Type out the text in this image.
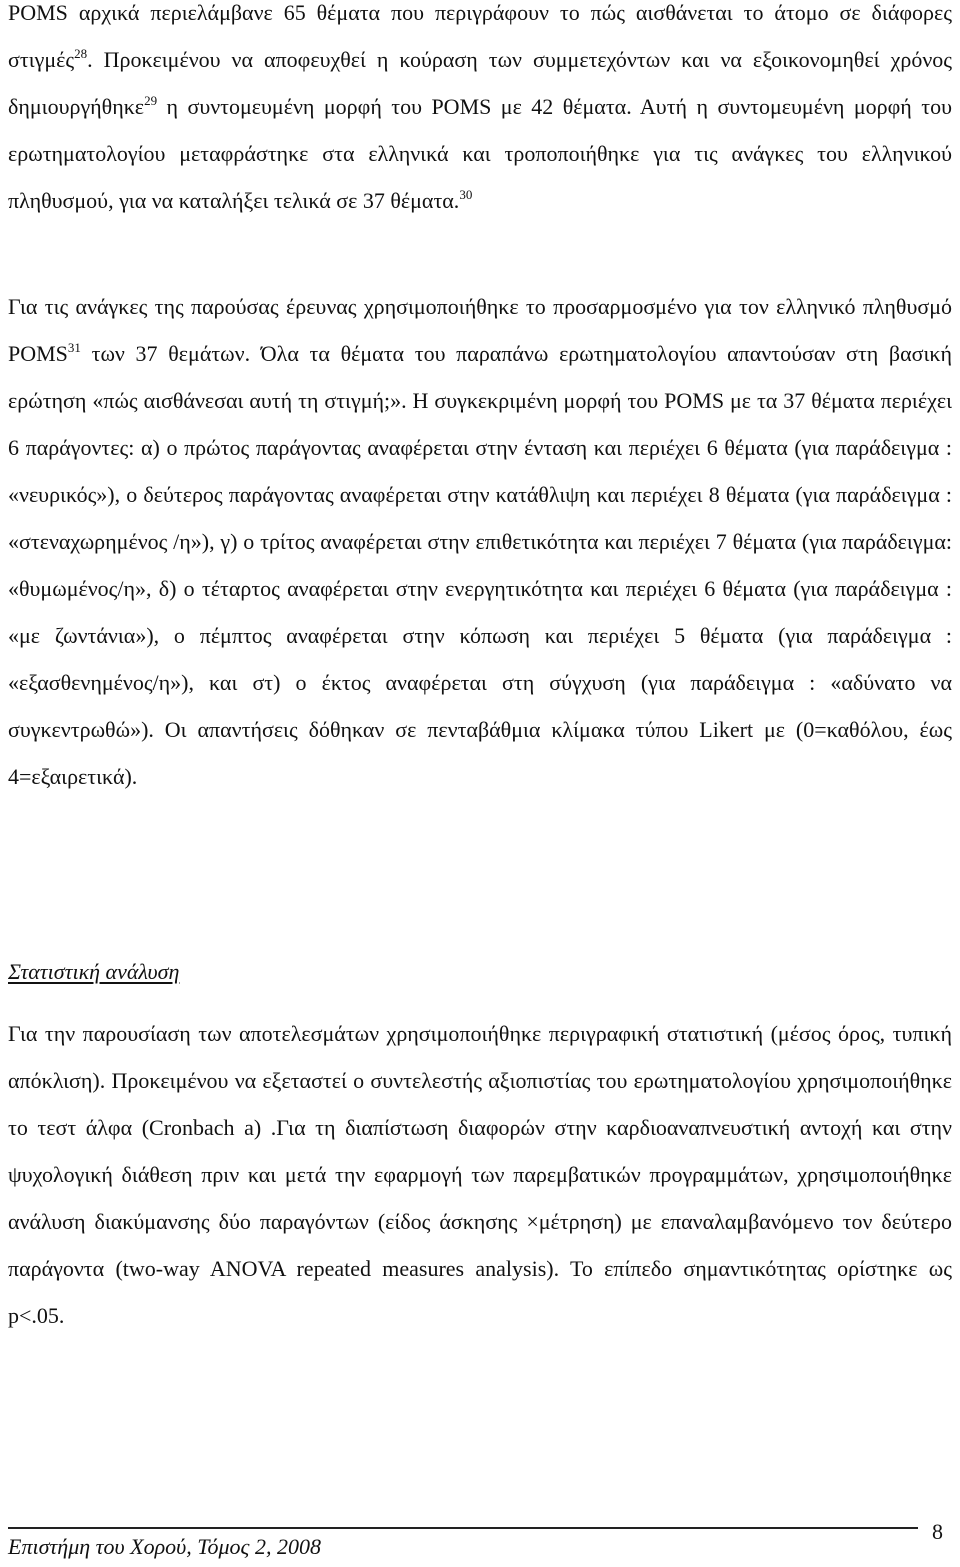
POMS αρχικά περιελάμβανε 65 θέματα που περιγράφουν το πώς αισθάνεται το άτομο σε διάφορες στιγμές$^{28}$. Προκειμένου να αποφευχθεί η κούραση των συμμετεχόντων και να εξοικονομηθεί χρόνος δημιουργήθηκε$^{29}$ η συντομευμένη μορφή του POMS με 42 θέματα. Αυτή η συντομευμένη μορφή του ερωτηματολογίου μεταφράστηκε στα ελληνικά και τροποποιήθηκε για τις ανάγκες του ελληνικού πληθυσμού, για να καταλήξει τελικά σε 37 θέματα.$^{30}$

Για τις ανάγκες της παρούσας έρευνας χρησιμοποιήθηκε το προσαρμοσμένο για τον ελληνικό πληθυσμό POMS$^{31}$ των 37 θεμάτων. Όλα τα θέματα του παραπάνω ερωτηματολογίου απαντούσαν στη βασική ερώτηση «πώς αισθάνεσαι αυτή τη στιγμή;». Η συγκεκριμένη μορφή του POMS με τα 37 θέματα περιέχει 6 παράγοντες: α) ο πρώτος παράγοντας αναφέρεται στην ένταση και περιέχει 6 θέματα (για παράδειγμα : «νευρικός»), ο δεύτερος παράγοντας αναφέρεται στην κατάθλιψη και περιέχει 8 θέματα (για παράδειγμα : «στεναχωρημένος /η»), γ) ο τρίτος αναφέρεται στην επιθετικότητα και περιέχει 7 θέματα (για παράδειγμα: «θυμωμένος/η», δ) ο τέταρτος αναφέρεται στην ενεργητικότητα και περιέχει 6 θέματα (για παράδειγμα : «με ζωντάνια»), ο πέμπτος αναφέρεται στην κόπωση και περιέχει 5 θέματα (για παράδειγμα : «εξασθενημένος/η»), και στ) ο έκτος αναφέρεται στη σύγχυση (για παράδειγμα : «αδύνατο να συγκεντρωθώ»). Οι απαντήσεις δόθηκαν σε πενταβάθμια κλίμακα τύπου Likert με (0=καθόλου, έως 4=εξαιρετικά).

Στατιστική ανάλυση

Για την παρουσίαση των αποτελεσμάτων χρησιμοποιήθηκε περιγραφική στατιστική (μέσος όρος, τυπική απόκλιση). Προκειμένου να εξεταστεί ο συντελεστής αξιοπιστίας του ερωτηματολογίου χρησιμοποιήθηκε το τεστ άλφα (Cronbach a) .Για τη διαπίστωση διαφορών στην καρδιοαναπνευστική αντοχή και στην ψυχολογική διάθεση πριν και μετά την εφαρμογή των παρεμβατικών προγραμμάτων, χρησιμοποιήθηκε ανάλυση διακύμανσης δύο παραγόντων (είδος άσκησης ×μέτρηση) με επαναλαμβανόμενο τον δεύτερο παράγοντα (two-way ANOVA repeated measures analysis). Το επίπεδο σημαντικότητας ορίστηκε ως p<.05.

Επιστήμη του Χορού, Τόμος 2, 2008
8
